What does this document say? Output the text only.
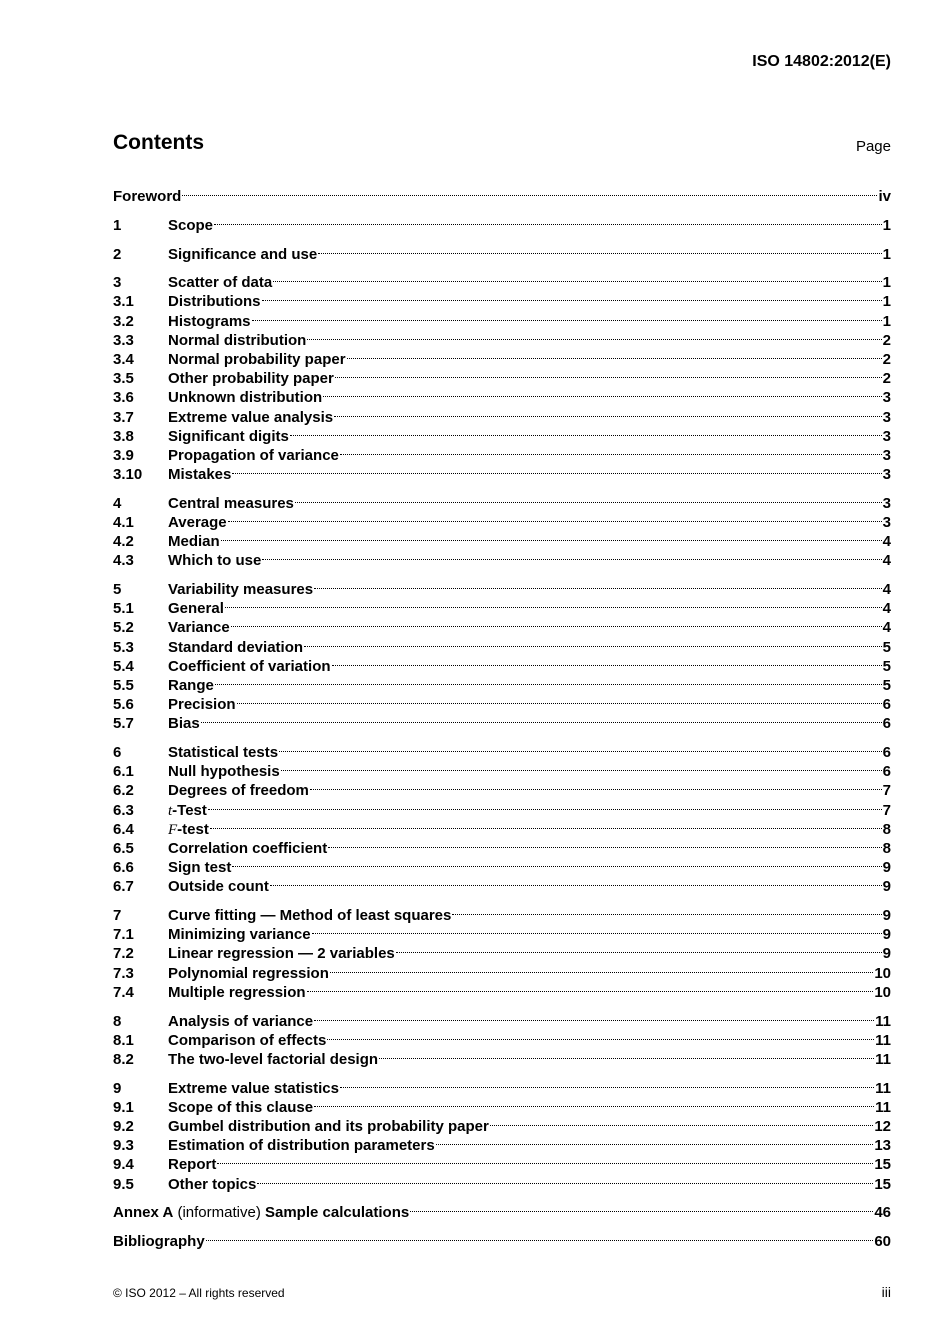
ISO 14802:2012(E)
Contents	Page
Foreword	iv
1	Scope	1
2	Significance and use	1
3	Scatter of data	1
3.1	Distributions	1
3.2	Histograms	1
3.3	Normal distribution	2
3.4	Normal probability paper	2
3.5	Other probability paper	2
3.6	Unknown distribution	3
3.7	Extreme value analysis	3
3.8	Significant digits	3
3.9	Propagation of variance	3
3.10	Mistakes	3
4	Central measures	3
4.1	Average	3
4.2	Median	4
4.3	Which to use	4
5	Variability measures	4
5.1	General	4
5.2	Variance	4
5.3	Standard deviation	5
5.4	Coefficient of variation	5
5.5	Range	5
5.6	Precision	6
5.7	Bias	6
6	Statistical tests	6
6.1	Null hypothesis	6
6.2	Degrees of freedom	7
6.3	t-Test	7
6.4	F-test	8
6.5	Correlation coefficient	8
6.6	Sign test	9
6.7	Outside count	9
7	Curve fitting — Method of least squares	9
7.1	Minimizing variance	9
7.2	Linear regression — 2 variables	9
7.3	Polynomial regression	10
7.4	Multiple regression	10
8	Analysis of variance	11
8.1	Comparison of effects	11
8.2	The two-level factorial design	11
9	Extreme value statistics	11
9.1	Scope of this clause	11
9.2	Gumbel distribution and its probability paper	12
9.3	Estimation of distribution parameters	13
9.4	Report	15
9.5	Other topics	15
Annex A (informative) Sample calculations	46
Bibliography	60
© ISO 2012 – All rights reserved	iii
